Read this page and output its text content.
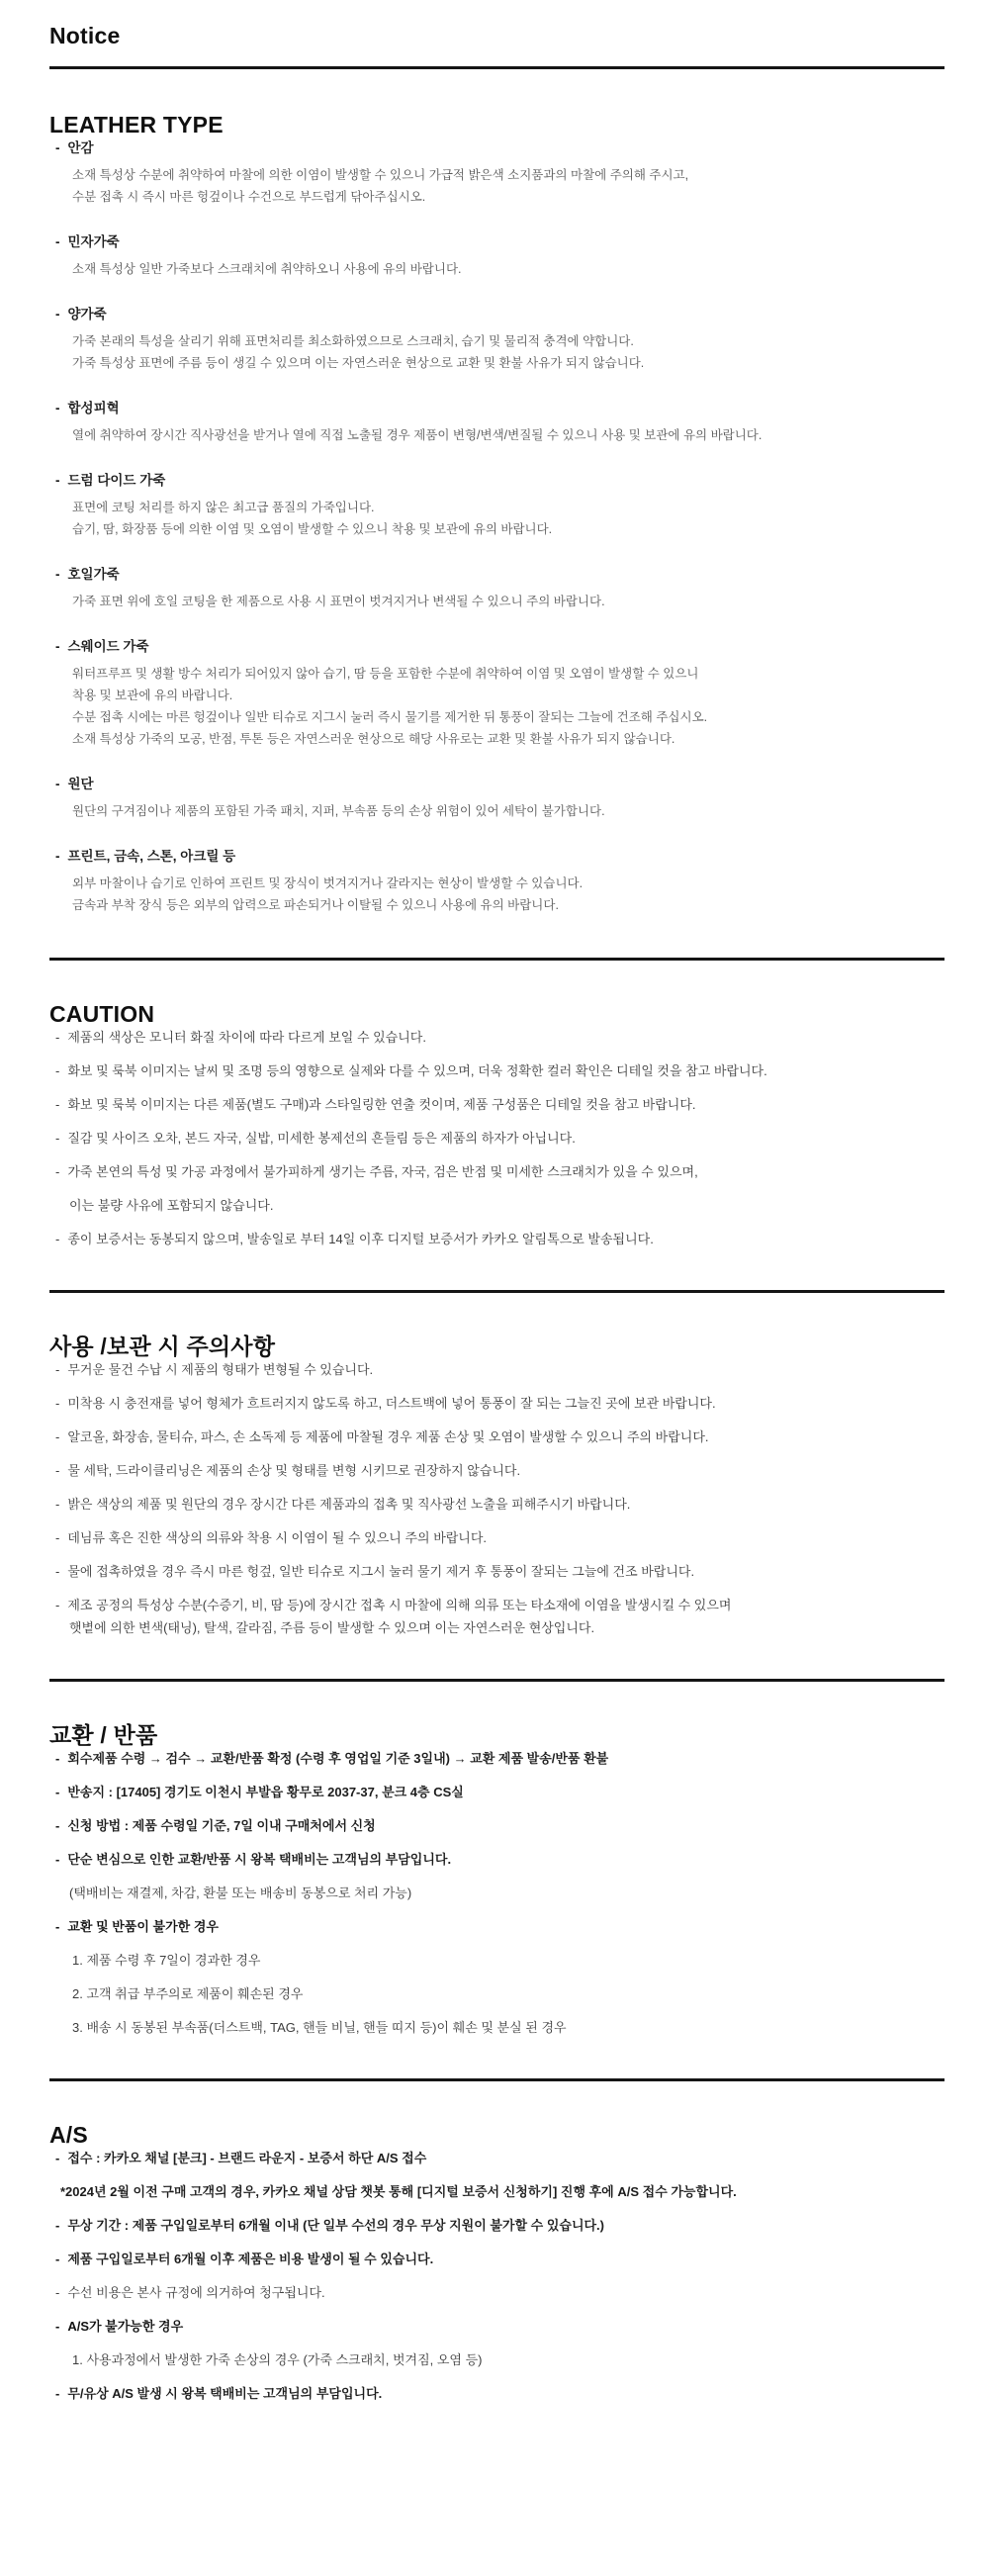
Notice
LEATHER TYPE
-
안감

소재 특성상 수분에 취약하여 마찰에 의한 이염이 발생할 수 있으니 가급적 밝은색 소지품과의 마찰에 주의해 주시고,

수분 접촉 시 즉시 마른 헝겊이나 수건으로 부드럽게 닦아주십시오.

-
민자가죽

소재 특성상 일반 가죽보다 스크래치에 취약하오니 사용에 유의 바랍니다.

-
양가죽

가죽 본래의 특성을 살리기 위해 표면처리를 최소화하였으므로 스크래치, 습기 및 물리적 충격에 약합니다.

가죽 특성상 표면에 주름 등이 생길 수 있으며 이는 자연스러운 현상으로 교환 및 환불 사유가 되지 않습니다.

-
합성피혁

열에 취약하여 장시간 직사광선을 받거나 열에 직접 노출될 경우 제품이 변형/변색/변질될 수 있으니 사용 및 보관에 유의 바랍니다.

-
드럼 다이드 가죽

표면에 코팅 처리를 하지 않은 최고급 품질의 가죽입니다.

습기, 땀, 화장품 등에 의한 이염 및 오염이 발생할 수 있으니 착용 및 보관에 유의 바랍니다.

-
호일가죽

가죽 표면 위에 호일 코팅을 한 제품으로 사용 시 표면이 벗겨지거나 변색될 수 있으니 주의 바랍니다.

-
스웨이드 가죽

워터프루프 및 생활 방수 처리가 되어있지 않아 습기, 땀 등을 포함한 수분에 취약하여 이염 및 오염이 발생할 수 있으니

착용 및 보관에 유의 바랍니다.

수분 접촉 시에는 마른 헝겊이나 일반 티슈로 지그시 눌러 즉시 물기를 제거한 뒤 통풍이 잘되는 그늘에 건조해 주십시오.

소재 특성상 가죽의 모공, 반점, 투톤 등은 자연스러운 현상으로 해당 사유로는 교환 및 환불 사유가 되지 않습니다.

-
원단

원단의 구겨짐이나 제품의 포함된 가죽 패치, 지퍼, 부속품 등의 손상 위험이 있어 세탁이 불가합니다.

-
프린트, 금속, 스톤, 아크릴 등

외부 마찰이나 습기로 인하여 프린트 및 장식이 벗겨지거나 갈라지는 현상이 발생할 수 있습니다.

금속과 부착 장식 등은 외부의 압력으로 파손되거나 이탈될 수 있으니 사용에 유의 바랍니다.

CAUTION
-
제품의 색상은 모니터 화질 차이에 따라 다르게 보일 수 있습니다.
-
화보 및 룩북 이미지는 날씨 및 조명 등의 영향으로 실제와 다를 수 있으며, 더욱 정확한 컬러 확인은 디테일 컷을 참고 바랍니다.
-
화보 및 룩북 이미지는 다른 제품(별도 구매)과 스타일링한 연출 컷이며, 제품 구성품은 디테일 컷을 참고 바랍니다.
-
질감 및 사이즈 오차, 본드 자국, 실밥, 미세한 봉제선의 흔들림 등은 제품의 하자가 아닙니다.
-
가죽 본연의 특성 및 가공 과정에서 불가피하게 생기는 주름, 자국, 검은 반점 및 미세한 스크래치가 있을 수 있으며,
이는 불량 사유에 포함되지 않습니다.
-
종이 보증서는 동봉되지 않으며, 발송일로 부터 14일 이후 디지털 보증서가 카카오 알림톡으로 발송됩니다.
사용 /보관 시 주의사항
-
무거운 물건 수납 시 제품의 형태가 변형될 수 있습니다.
-
미착용 시 충전재를 넣어 형체가 흐트러지지 않도록 하고, 더스트백에 넣어 통풍이 잘 되는 그늘진 곳에 보관 바랍니다.
-
알코올, 화장솜, 물티슈, 파스, 손 소독제 등 제품에 마찰될 경우 제품 손상 및 오염이 발생할 수 있으니 주의 바랍니다.
-
물 세탁, 드라이클리닝은 제품의 손상 및 형태를 변형 시키므로 권장하지 않습니다.
-
밝은 색상의 제품 및 원단의 경우 장시간 다른 제품과의 접촉 및 직사광선 노출을 피해주시기 바랍니다.
-
데님류 혹은 진한 색상의 의류와 착용 시 이염이 될 수 있으니 주의 바랍니다.
-
물에 접촉하였을 경우 즉시 마른 헝겊, 일반 티슈로 지그시 눌러 물기 제거 후 통풍이 잘되는 그늘에 건조 바랍니다.
-
제조 공정의 특성상 수분(수증기, 비, 땀 등)에 장시간 접촉 시 마찰에 의해 의류 또는 타소재에 이염을 발생시킬 수 있으며
햇볕에 의한 변색(태닝), 탈색, 갈라짐, 주름 등이 발생할 수 있으며 이는 자연스러운 현상입니다.
교환 / 반품
-
회수제품 수령 → 검수 → 교환/반품 확정 (수령 후 영업일 기준 3일내) → 교환 제품 발송/반품 환불
-
반송지 : [17405] 경기도 이천시 부발읍 황무로 2037-37, 분크 4층 CS실
-
신청 방법 : 제품 수령일 기준, 7일 이내 구매처에서 신청
-
단순 변심으로 인한 교환/반품 시 왕복 택배비는 고객님의 부담입니다.
(택배비는 재결제, 차감, 환불 또는 배송비 동봉으로 처리 가능)
-
교환 및 반품이 불가한 경우
1. 제품 수령 후 7일이 경과한 경우
2. 고객 취급 부주의로 제품이 훼손된 경우
3. 배송 시 동봉된 부속품(더스트백, TAG, 핸들 비닐, 핸들 띠지 등)이 훼손 및 분실 된 경우
A/S
-
접수 : 카카오 채널 [분크] - 브랜드 라운지 - 보증서 하단 A/S 접수
*2024년 2월 이전 구매 고객의 경우, 카카오 채널 상담 챗봇 통해 [디지털 보증서 신청하기] 진행 후에 A/S 접수 가능합니다.
-
무상 기간 : 제품 구입일로부터 6개월 이내 (단 일부 수선의 경우 무상 지원이 불가할 수 있습니다.)
-
제품 구입일로부터 6개월 이후 제품은 비용 발생이 될 수 있습니다.
-
수선 비용은 본사 규정에 의거하여 청구됩니다.
-
A/S가 불가능한 경우
1. 사용과정에서 발생한 가죽 손상의 경우 (가죽 스크래치, 벗겨짐, 오염 등)
-
무/유상 A/S 발생 시 왕복 택배비는 고객님의 부담입니다.
